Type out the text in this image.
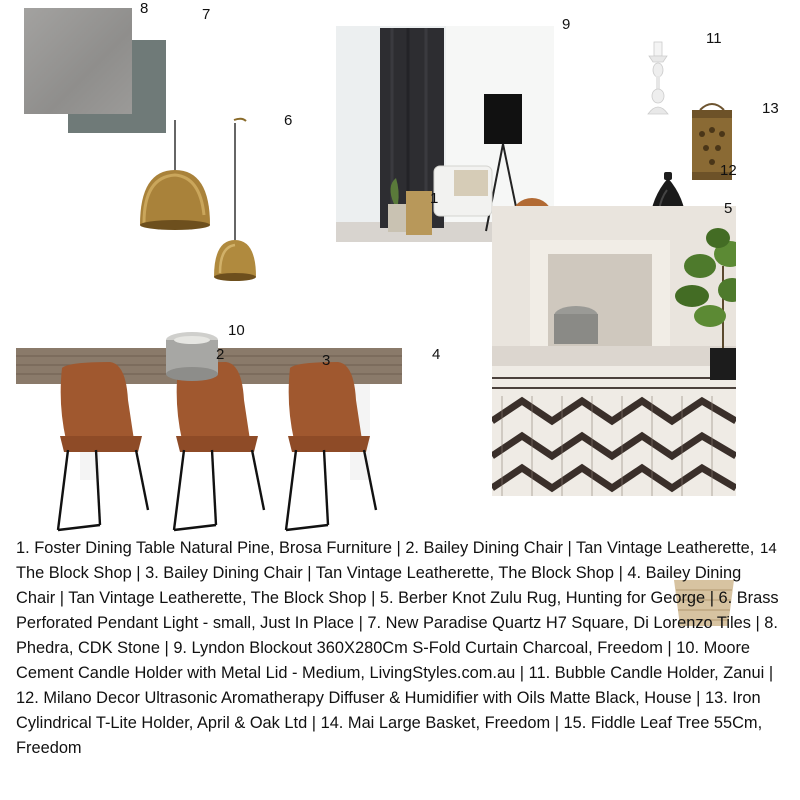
8	7
6
9
1
11
13
12
5
10
2	3	4
14

1. Foster Dining Table Natural Pine, Brosa Furniture | 2. Bailey Dining Chair | Tan Vintage Leatherette, The Block Shop | 3. Bailey Dining Chair | Tan Vintage Leatherette, The Block Shop | 4. Bailey Dining Chair | Tan Vintage Leatherette, The Block Shop | 5. Berber Knot Zulu Rug, Hunting for George | 6. Brass Perforated Pendant Light - small, Just In Place | 7. New Paradise Quartz H7 Square, Di Lorenzo Tiles | 8. Phedra, CDK Stone | 9. Lyndon Blockout 360X280Cm S-Fold Curtain Charcoal, Freedom | 10. Moore Cement Candle Holder with Metal Lid - Medium, LivingStyles.com.au | 11. Bubble Candle Holder, Zanui | 12. Milano Decor Ultrasonic Aromatherapy Diffuser & Humidifier with Oils Matte Black, House | 13. Iron Cylindrical T-Lite Holder, April & Oak Ltd | 14. Mai Large Basket, Freedom | 15. Fiddle Leaf Tree 55Cm, Freedom
